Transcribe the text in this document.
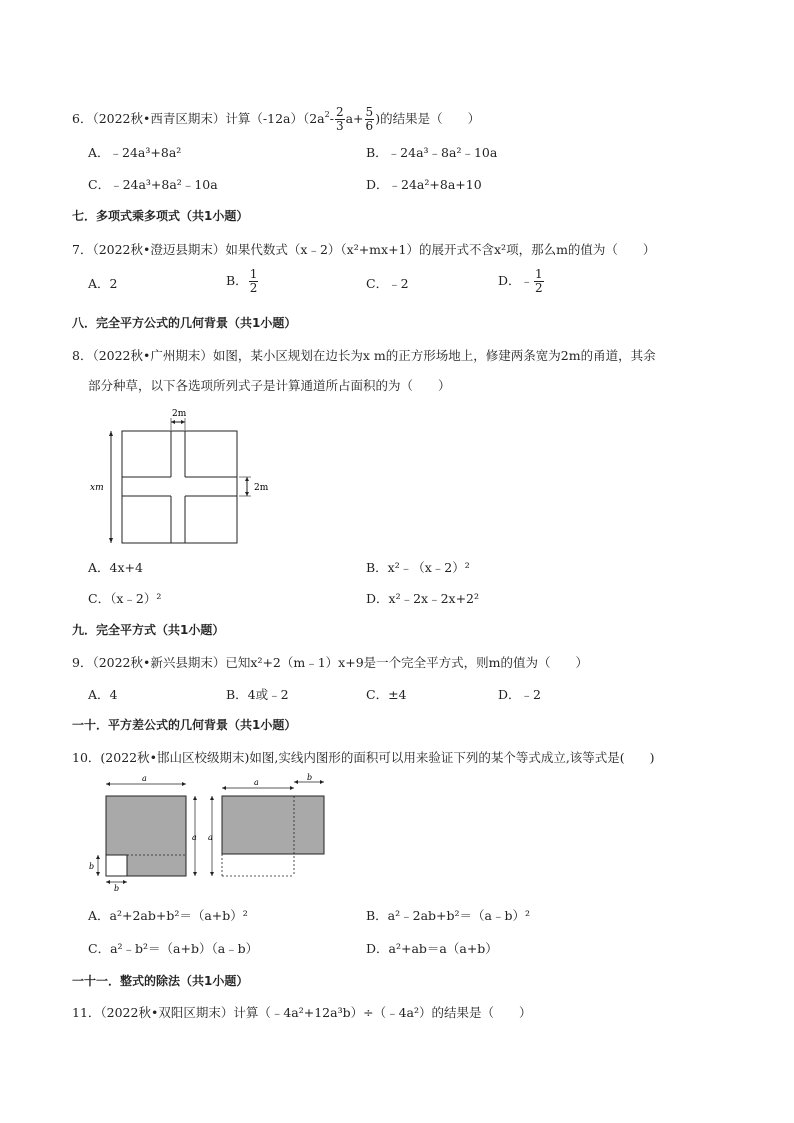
6．（2022秋•西青区期末）计算$(-12a)(2a^2- \frac{2}{3} a+ \frac{5}{6}$ )的结果是（　　）
A．﹣24a³+8a²	B．﹣24a³﹣8a²﹣10a
C．﹣24a³+8a²﹣10a	D．﹣24a²+8a+10
七．多项式乘多项式（共1小题）
7．（2022秋•澄迈县期末）如果代数式（x﹣2）（x²+mx+1）的展开式不含x²项，那么m的值为（　　）
A．2	B． $\frac{1}{2}$	C．﹣2	D．﹣ $\frac{1}{2}$
八．完全平方公式的几何背景（共1小题）
8．（2022秋•广州期末）如图，某小区规划在边长为x m的正方形场地上，修建两条宽为2m的甬道，其余
部分种草，以下各选项所列式子是计算通道所占面积的为（　　）
2m
2m
xm
A．4x+4	B．x²﹣（x﹣2）²
C．（x﹣2）²	D．x²﹣2x﹣2x+2²
九．完全平方式（共1小题）
9．（2022秋•新兴县期末）已知x²+2（m﹣1）x+9是一个完全平方式，则m的值为（　　）
A．4	B．4或﹣2	C．±4	D．﹣2
一十．平方差公式的几何背景（共1小题）
10．(2022秋•邯山区校级期末)如图,实线内图形的面积可以用来验证下列的某个等式成立,该等式是(　　)
a
a
b
b
a
b
a
A．a²+2ab+b²＝（a+b）²	B．a²﹣2ab+b²＝（a﹣b）²
C．a²﹣b²＝（a+b）（a﹣b）	D．a²+ab＝a（a+b）
一十一．整式的除法（共1小题）
11．（2022秋•双阳区期末）计算（﹣4a²+12a³b）÷（﹣4a²）的结果是（　　）
